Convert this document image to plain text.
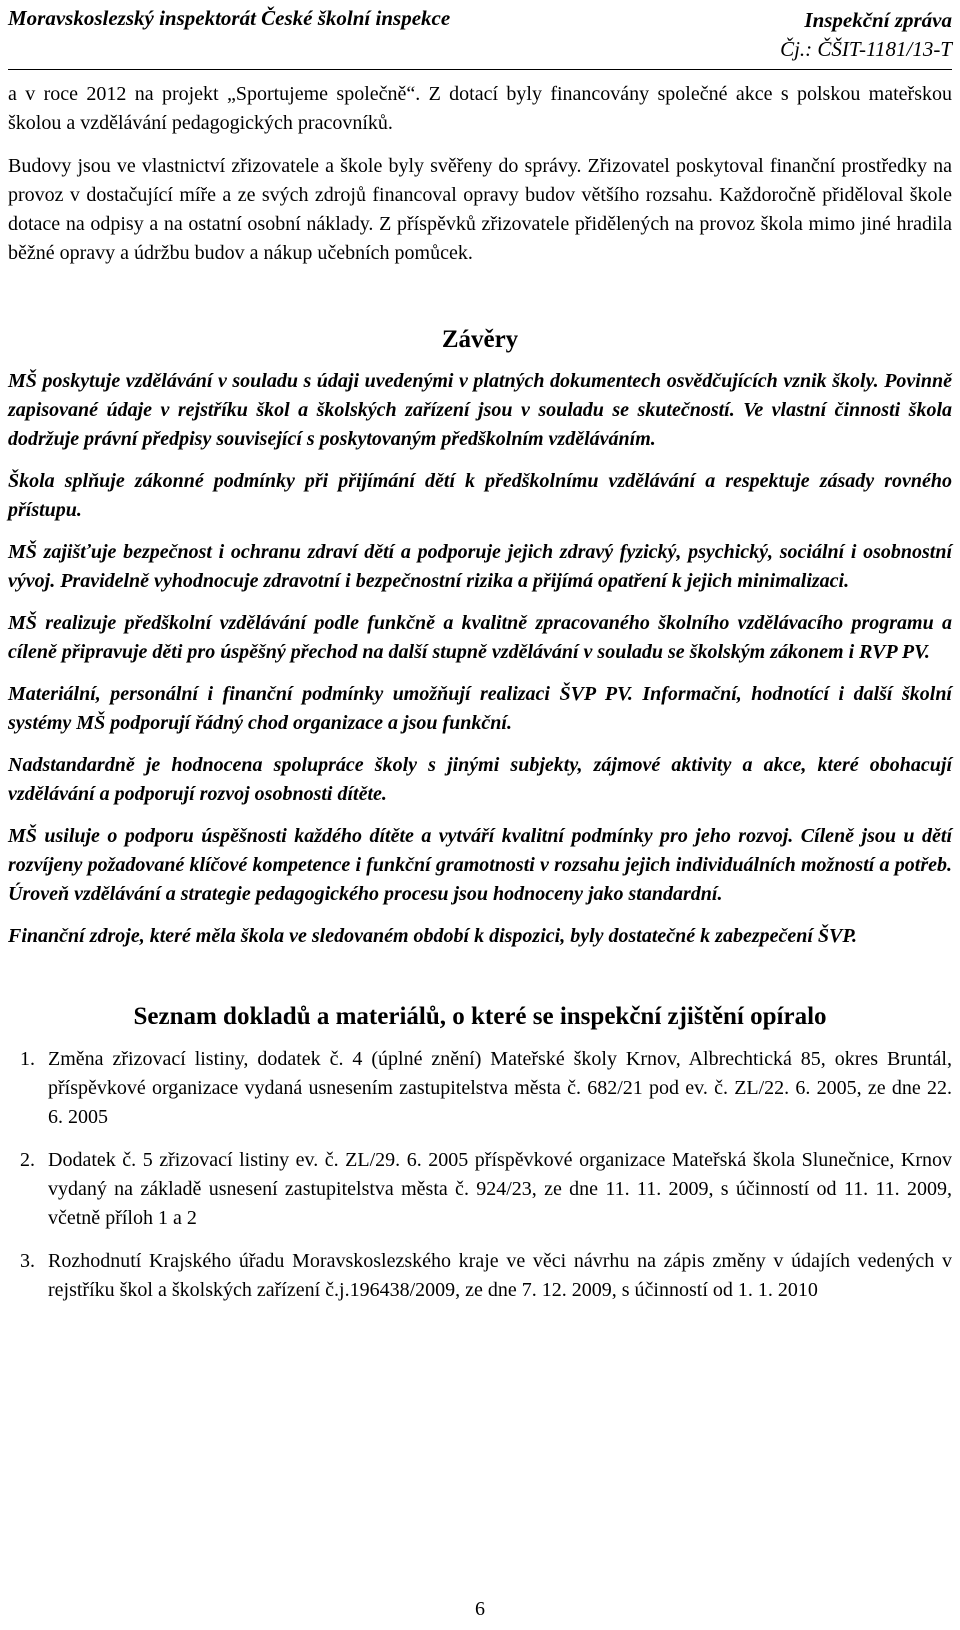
Moravskoslezský inspektorát České školní inspekce	Inspekční zpráva
Čj.: ČŠIT-1181/13-T

a v roce 2012 na projekt „Sportujeme společně“. Z dotací byly financovány společné akce s polskou mateřskou školou a vzdělávání pedagogických pracovníků.

Budovy jsou ve vlastnictví zřizovatele a škole byly svěřeny do správy. Zřizovatel poskytoval finanční prostředky na provoz v dostačující míře a ze svých zdrojů financoval opravy budov většího rozsahu. Každoročně přiděloval škole dotace na odpisy a na ostatní osobní náklady. Z příspěvků zřizovatele přidělených na provoz škola mimo jiné hradila běžné opravy a údržbu budov a nákup učebních pomůcek.

Závěry

MŠ poskytuje vzdělávání v souladu s údaji uvedenými v platných dokumentech osvědčujících vznik školy. Povinně zapisované údaje v rejstříku škol a školských zařízení jsou v souladu se skutečností. Ve vlastní činnosti škola dodržuje právní předpisy související s poskytovaným předškolním vzděláváním.

Škola splňuje zákonné podmínky při přijímání dětí k předškolnímu vzdělávání a respektuje zásady rovného přístupu.

MŠ zajišťuje bezpečnost i ochranu zdraví dětí a podporuje jejich zdravý fyzický, psychický, sociální i osobnostní vývoj. Pravidelně vyhodnocuje zdravotní i bezpečnostní rizika a přijímá opatření k jejich minimalizaci.

MŠ realizuje předškolní vzdělávání podle funkčně a kvalitně zpracovaného školního vzdělávacího programu a cíleně připravuje děti pro úspěšný přechod na další stupně vzdělávání v souladu se školským zákonem i RVP PV.

Materiální, personální i finanční podmínky umožňují realizaci ŠVP PV. Informační, hodnotící i další školní systémy MŠ podporují řádný chod organizace a jsou funkční.

Nadstandardně je hodnocena spolupráce školy s jinými subjekty, zájmové aktivity a akce, které obohacují vzdělávání a podporují rozvoj osobnosti dítěte.

MŠ usiluje o podporu úspěšnosti každého dítěte a vytváří kvalitní podmínky pro jeho rozvoj. Cíleně jsou u dětí rozvíjeny požadované klíčové kompetence i funkční gramotnosti v rozsahu jejich individuálních možností a potřeb. Úroveň vzdělávání a strategie pedagogického procesu jsou hodnoceny jako standardní.

Finanční zdroje, které měla škola ve sledovaném období k dispozici, byly dostatečné k zabezpečení ŠVP.

Seznam dokladů a materiálů, o které se inspekční zjištění opíralo
1. Změna zřizovací listiny, dodatek č. 4 (úplné znění) Mateřské školy Krnov, Albrechtická 85, okres Bruntál, příspěvkové organizace vydaná usnesením zastupitelstva města č. 682/21 pod ev. č. ZL/22. 6. 2005, ze dne 22. 6. 2005
2. Dodatek č. 5 zřizovací listiny ev. č. ZL/29. 6. 2005 příspěvkové organizace Mateřská škola Slunečnice, Krnov vydaný na základě usnesení zastupitelstva města č. 924/23, ze dne 11. 11. 2009, s účinností od 11. 11. 2009, včetně příloh 1 a 2
3. Rozhodnutí Krajského úřadu Moravskoslezského kraje ve věci návrhu na zápis změny v údajích vedených v rejstříku škol a školských zařízení č.j.196438/2009, ze dne 7. 12. 2009, s účinností od 1. 1. 2010
6
